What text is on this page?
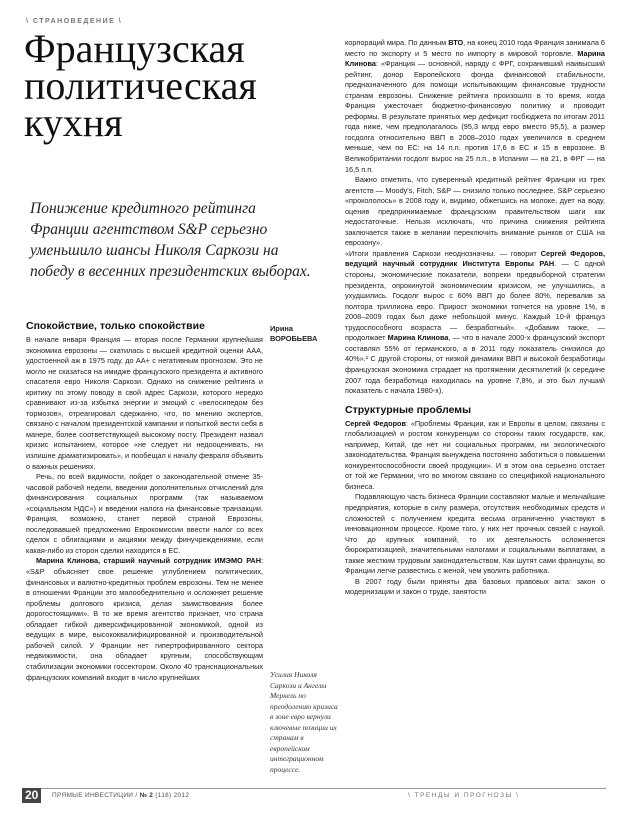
\ СТРАНОВЕДЕНИЕ \
Французская
политическая
кухня

Понижение кредитного рейтинга Франции агентством S&P серьезно уменьшило шансы Николя Саркози на победу в весенних президентских выборах.

Спокойствие, только спокойствие

В начале января Франция — вторая после Германии крупнейшая экономика еврозоны — скатилась с высшей кредитной оценки ААА, удостоенной аж в 1975 году, до АА+ с негативным прогнозом. Это не могло не сказаться на имидже французского президента и активного спасателя евро Николя Саркози. Однако на снижение рейтинга и критику по этому поводу в свой адрес Саркози, которого нередко сравнивают из-за избытка энергии и эмоций с «велосипедом без тормозов», отреагировал сдержанно, что, по мнению экспертов, связано с началом президентской кампании и попыткой вести себя в манере, более соответствующей высокому посту. Президент назвал кризис испытанием, которое «не следует ни недооценивать, ни излишне драматизировать», и пообещал к началу февраля объявить о важных решениях.

Речь, по всей видимости, пойдет о законодательной отмене 35-часовой рабочей недели, введении дополнительных отчислений для финансирования социальных программ (так называемом «социальном НДС») и введении налога на финансовые транзакции. Франция, возможно, станет первой страной Еврозоны, последовавшей предложению Еврокомиссии ввести налог со всех сделок с облигациями и акциями между финучреждениями, если какая-либо из сторон сделки находится в ЕС.

Марина Клинова, старший научный сотрудник ИМЭМО РАН: «S&P объясняет свое решение углублением политических, финансовых и валютно-кредитных проблем еврозоны. Тем не менее в отношении Франции это малообеднительно и осложняет решение проблемы долгового кризиса, делая заимствования более дорогостоящими». В то же время агентство признает, что страна обладает гибкой диверсифицированной экономикой, одной из ведущих в мире, высококвалифицированной и производительной рабочей силой. У Франции нет гипертрофированного сектора недвижимости, она обладает крупным, способствующим стабилизации экономики госсектором. Около 40 транснациональных французских компаний входит в число крупнейших

Ирина
ВОРОБЬЕВА
Усилия Николя Саркози и Ангелы Меркель по преодолению кризиса в зоне евро вернули ключевые позиции их странам в европейском интеграционном процессе.

корпораций мира. По данным ВТО, на конец 2010 года Франция занимала 6 место по экспорту и 5 место по импорту в мировой торговле. Марина Клинова: «Франция — основной, наряду с ФРГ, сохранивший наивысший рейтинг, донор Европейского фонда финансовой стабильности, предназначенного для помощи испытывающим финансовые трудности странам еврозоны. Снижение рейтинга произошло в то время, когда Франция ужесточает бюджетно-финансовую политику и проводит реформы. В результате принятых мер дефицит госбюджета по итогам 2011 года ниже, чем предполагалось (95,3 млрд евро вместо 95,5), а размер госдолга относительно ВВП в 2008–2010 годах увеличился в среднем меньше, чем по ЕС: на 14 п.п. против 17,6 в ЕС и 15 в еврозоне. В Великобритании госдолг вырос на 25 п.п., в Испании — на 21, в ФРГ — на 16,5 п.п.

Важно отметить, что суверенный кредитный рейтинг Франции из трех агентств — Moody's, Fitch, S&P — снизило только последнее. S&P серьезно «прокололось» в 2008 году и, видимо, обжегшись на молоке, дует на воду, оценив предпринимаемые французским правительством шаги как недостаточные. Нельзя исключать, что причина снижения рейтинга заключается также в желании переключить внимание рынков от США на еврозону».

«Итоги правления Саркози неоднозначны. — говорит Сергей Федоров, ведущий научный сотрудник Института Европы РАН. — С одной стороны, экономические показатели, вопреки предвыборной стратегии президента, опрокинутой экономическим кризисом, не улучшились, а ухудшились. Госдолг вырос с 60% ВВП до более 80%, перевалив за полтора триллиона евро. Прирост экономики топчется на уровне 1%, в 2008–2009 годах был даже небольшой минус. Каждый 10-й француз трудоспособного возраста — безработный». «Добавим также, — продолжает Марина Клинова, — что в начале 2000-х французский экспорт составлял 55% от германского, а в 2011 году показатель снизился до 40%».¹ С другой стороны, от низкой динамики ВВП и высокой безработицы французская экономика страдает на протяжении десятилетий (к середине 2007 года безработица находилась на уровне 7,8%, и это был лучший показатель с начала 1980-х).

Структурные проблемы

Сергей Федоров: «Проблемы Франции, как и Европы в целом, связаны с глобализацией и ростом конкуренции со стороны таких государств, как, например, Китай, где нет ни социальных программ, ни экологического законодательства. Франция вынуждена постоянно заботиться о повышении конкурентоспособности своей продукции». И в этом она серьезно отстает от той же Германии, что во многом связано со спецификой национального бизнеса.

Подавляющую часть бизнеса Франции составляют малые и мельчайшие предприятия, которые в силу размера, отсутствия необходимых средств и сложностей с получением кредита весьма ограниченно участвуют в инновационном процессе. Кроме того, у них нет прочных связей с наукой. Что до крупных компаний, то их деятельность осложняется бюрократизацией, значительными налогами и социальными выплатами, а также жестким трудовым законодательством. Как шутят сами французы, во Франции легче развестись с женой, чем уволить работника.

В 2007 году были приняты два базовых правовых акта: закон о модернизации и закон о труде, занятости

20	ПРЯМЫЕ ИНВЕСТИЦИИ / № 2 (118) 2012	\ ТРЕНДЫ И ПРОГНОЗЫ \
